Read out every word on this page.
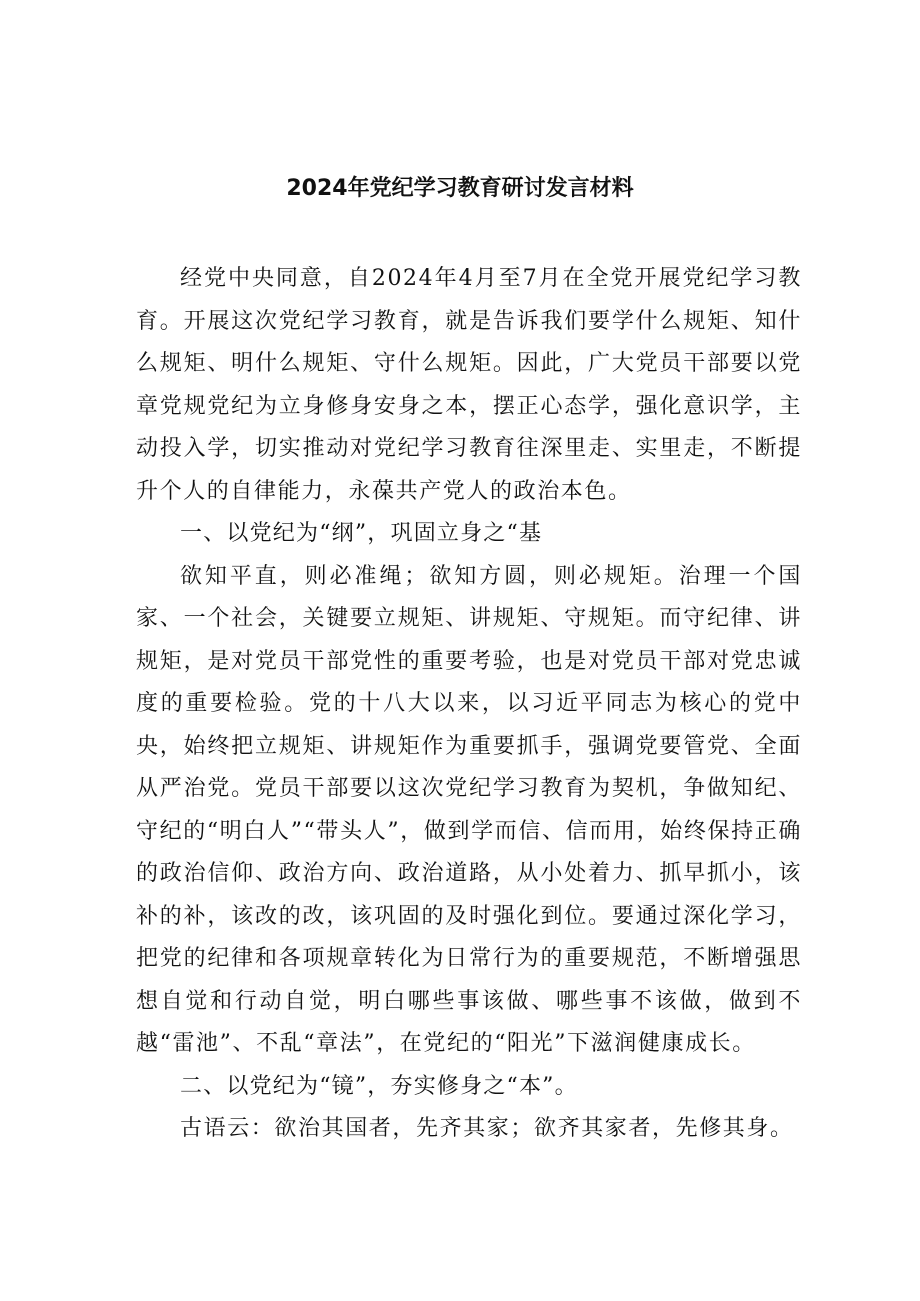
2024年党纪学习教育研讨发言材料

经党中央同意，自2024年4月至7月在全党开展党纪学习教育。开展这次党纪学习教育，就是告诉我们要学什么规矩、知什么规矩、明什么规矩、守什么规矩。因此，广大党员干部要以党章党规党纪为立身修身安身之本，摆正心态学，强化意识学，主动投入学，切实推动对党纪学习教育往深里走、实里走，不断提升个人的自律能力，永葆共产党人的政治本色。

一、以党纪为“纲”，巩固立身之“基

欲知平直，则必准绳；欲知方圆，则必规矩。治理一个国家、一个社会，关键要立规矩、讲规矩、守规矩。而守纪律、讲规矩，是对党员干部党性的重要考验，也是对党员干部对党忠诚度的重要检验。党的十八大以来，以习近平同志为核心的党中央，始终把立规矩、讲规矩作为重要抓手，强调党要管党、全面从严治党。党员干部要以这次党纪学习教育为契机，争做知纪、守纪的“明白人”“带头人”，做到学而信、信而用，始终保持正确的政治信仰、政治方向、政治道路，从小处着力、抓早抓小，该补的补，该改的改，该巩固的及时强化到位。要通过深化学习，把党的纪律和各项规章转化为日常行为的重要规范，不断增强思想自觉和行动自觉，明白哪些事该做、哪些事不该做，做到不越“雷池”、不乱“章法”，在党纪的“阳光”下滋润健康成长。

二、以党纪为“镜”，夯实修身之“本”。

古语云：欲治其国者，先齐其家；欲齐其家者，先修其身。
